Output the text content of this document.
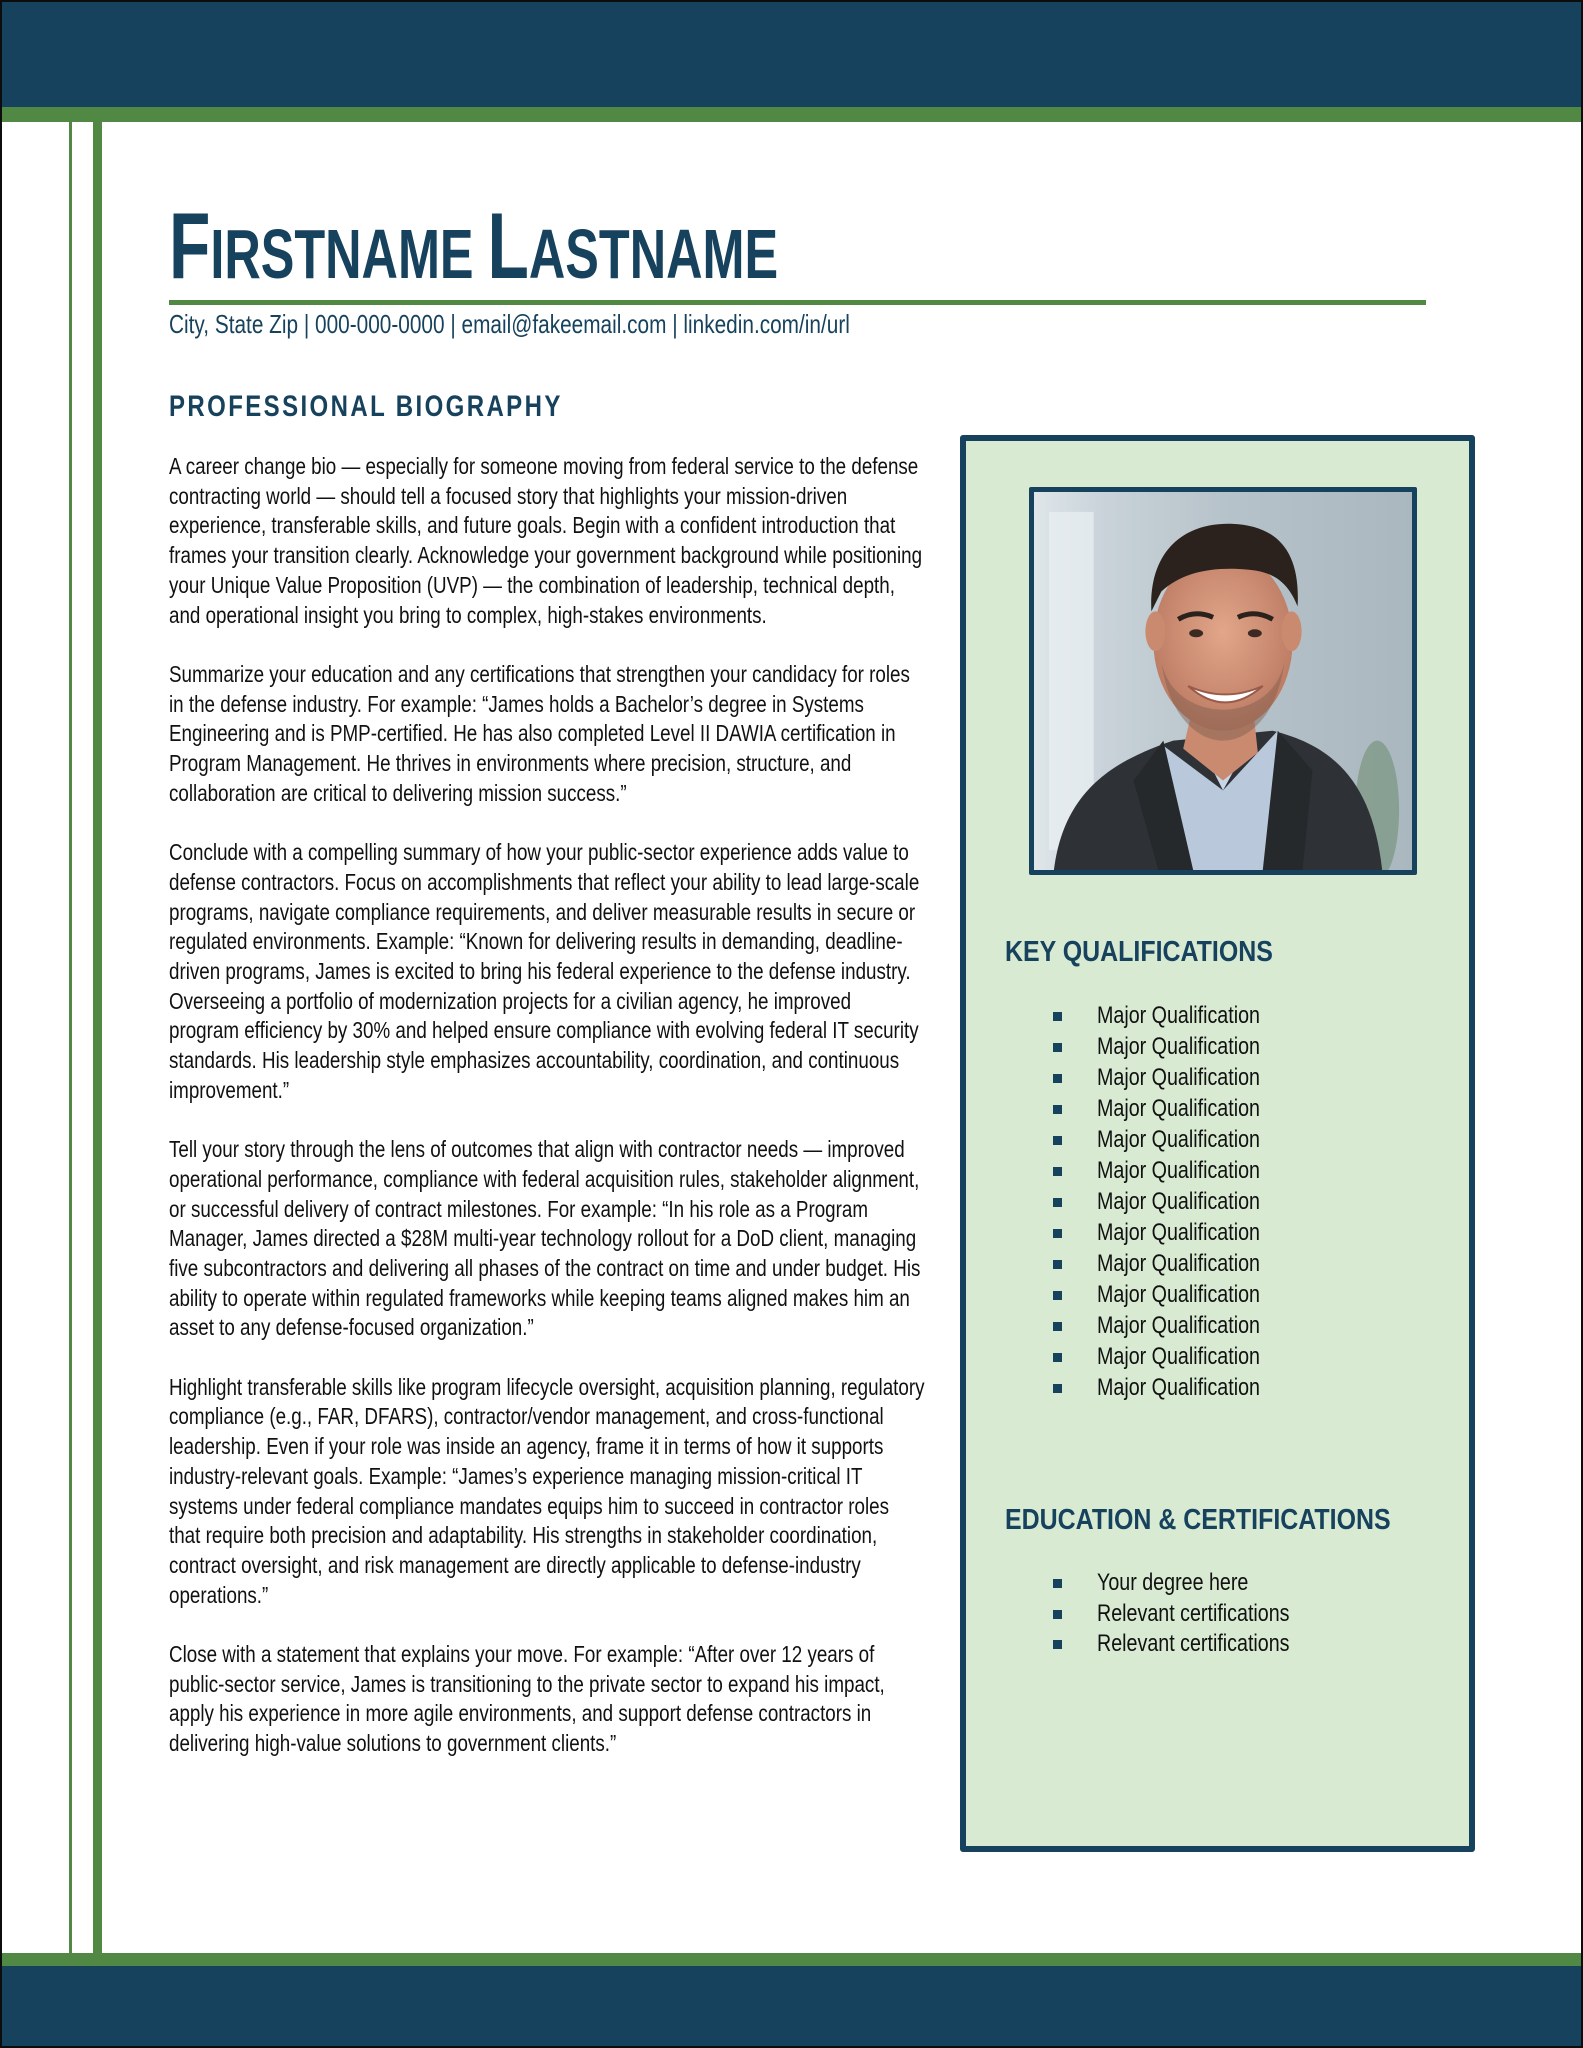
FIRSTNAME LASTNAME
City, State Zip | 000-000-0000 | email@fakeemail.com | linkedin.com/in/url
PROFESSIONAL BIOGRAPHY

A career change bio — especially for someone moving from federal service to the defense contracting world — should tell a focused story that highlights your mission-driven experience, transferable skills, and future goals. Begin with a confident introduction that frames your transition clearly. Acknowledge your government background while positioning your Unique Value Proposition (UVP) — the combination of leadership, technical depth, and operational insight you bring to complex, high-stakes environments.

Summarize your education and any certifications that strengthen your candidacy for roles in the defense industry. For example: “James holds a Bachelor’s degree in Systems Engineering and is PMP-certified. He has also completed Level II DAWIA certification in Program Management. He thrives in environments where precision, structure, and collaboration are critical to delivering mission success.”

Conclude with a compelling summary of how your public-sector experience adds value to defense contractors. Focus on accomplishments that reflect your ability to lead large-scale programs, navigate compliance requirements, and deliver measurable results in secure or regulated environments. Example: “Known for delivering results in demanding, deadline-driven programs, James is excited to bring his federal experience to the defense industry. Overseeing a portfolio of modernization projects for a civilian agency, he improved program efficiency by 30% and helped ensure compliance with evolving federal IT security standards. His leadership style emphasizes accountability, coordination, and continuous improvement.”

Tell your story through the lens of outcomes that align with contractor needs — improved operational performance, compliance with federal acquisition rules, stakeholder alignment, or successful delivery of contract milestones. For example: “In his role as a Program Manager, James directed a $28M multi-year technology rollout for a DoD client, managing five subcontractors and delivering all phases of the contract on time and under budget. His ability to operate within regulated frameworks while keeping teams aligned makes him an asset to any defense-focused organization.”

Highlight transferable skills like program lifecycle oversight, acquisition planning, regulatory compliance (e.g., FAR, DFARS), contractor/vendor management, and cross-functional leadership. Even if your role was inside an agency, frame it in terms of how it supports industry-relevant goals. Example: “James’s experience managing mission-critical IT systems under federal compliance mandates equips him to succeed in contractor roles that require both precision and adaptability. His strengths in stakeholder coordination, contract oversight, and risk management are directly applicable to defense-industry operations.”

Close with a statement that explains your move. For example: “After over 12 years of public-sector service, James is transitioning to the private sector to expand his impact, apply his experience in more agile environments, and support defense contractors in delivering high-value solutions to government clients.”

KEY QUALIFICATIONS
Major Qualification
Major Qualification
Major Qualification
Major Qualification
Major Qualification
Major Qualification
Major Qualification
Major Qualification
Major Qualification
Major Qualification
Major Qualification
Major Qualification
Major Qualification
EDUCATION & CERTIFICATIONS
Your degree here
Relevant certifications
Relevant certifications
